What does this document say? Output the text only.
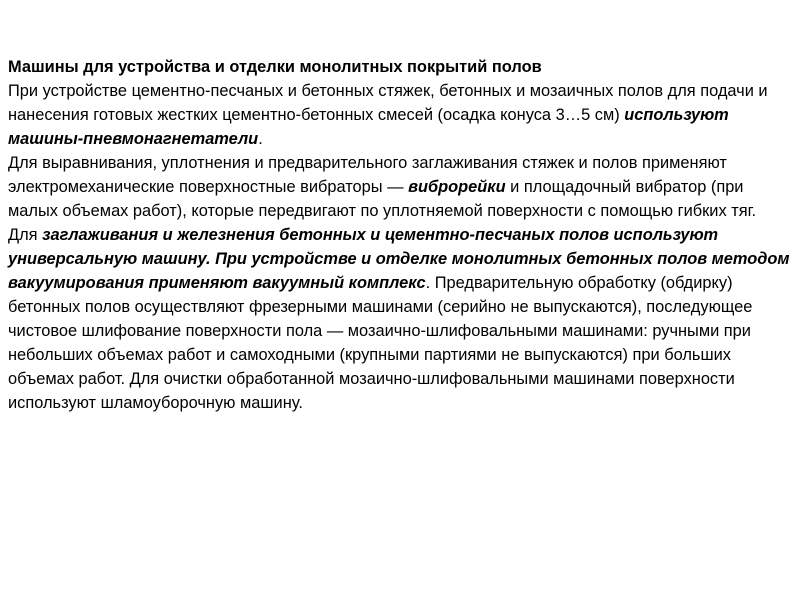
Машины для устройства и отделки монолитных покрытий полов

При устройстве цементно-песчаных и бетонных стяжек, бетонных и мозаичных полов для подачи и нанесения готовых жестких цементно-бетонных смесей (осадка конуса 3…5 см) используют машины-пневмонагнетатели.

Для выравнивания, уплотнения и предварительного заглаживания стяжек и полов применяют электромеханические поверхностные вибраторы — виброрейки и площадочный вибратор (при малых объемах работ), которые передвигают по уплотняемой поверхности с помощью гибких тяг.

Для заглаживания и железнения бетонных и цементно-песчаных полов используют универсальную машину. При устройстве и отделке монолитных бетонных полов методом вакуумирования применяют вакуумный комплекс. Предварительную обработку (обдирку) бетонных полов осуществляют фрезерными машинами (серийно не выпускаются), последующее чистовое шлифование поверхности пола — мозаично-шлифовальными машинами: ручными при небольших объемах работ и самоходными (крупными партиями не выпускаются) при больших объемах работ. Для очистки обработанной мозаично-шлифовальными машинами поверхности используют шламоуборочную машину.
